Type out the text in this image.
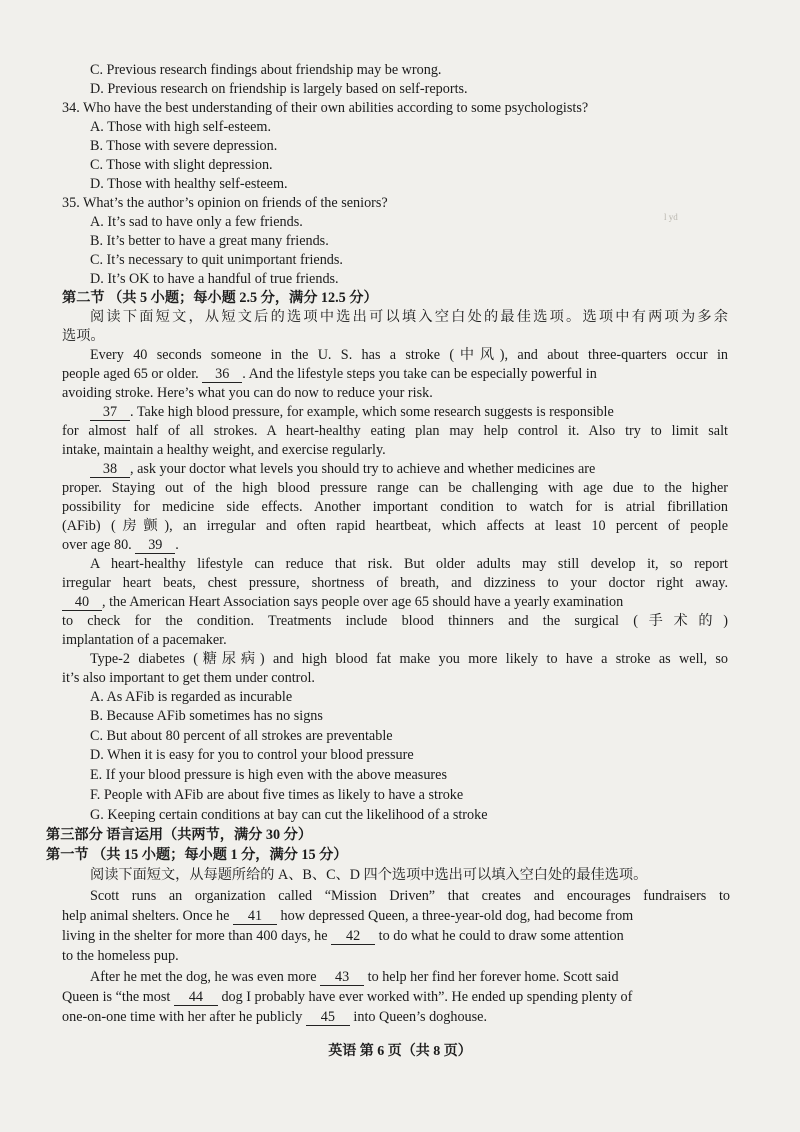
C. Previous research findings about friendship may be wrong.
D. Previous research on friendship is largely based on self-reports.
34. Who have the best understanding of their own abilities according to some psychologists?
A. Those with high self-esteem.
B. Those with severe depression.
C. Those with slight depression.
D. Those with healthy self-esteem.
35. What’s the author’s opinion on friends of the seniors?
A. It’s sad to have only a few friends.
B. It’s better to have a great many friends.
C. It’s necessary to quit unimportant friends.
D. It’s OK to have a handful of true friends.
l yd
第二节 （共 5 小题；每小题 2.5 分，满分 12.5 分）
阅读下面短文，从短文后的选项中选出可以填入空白处的最佳选项。选项中有两项为多余
选项。
Every 40 seconds someone in the U. S. has a stroke (中风), and about three-quarters occur in
people aged 65 or older. 36 . And the lifestyle steps you take can be especially powerful in
avoiding stroke. Here’s what you can do now to reduce your risk.
37 . Take high blood pressure, for example, which some research suggests is responsible
for almost half of all strokes. A heart-healthy eating plan may help control it. Also try to limit salt
intake, maintain a healthy weight, and exercise regularly.
38 , ask your doctor what levels you should try to achieve and whether medicines are
proper. Staying out of the high blood pressure range can be challenging with age due to the higher
possibility for medicine side effects. Another important condition to watch for is atrial fibrillation
(AFib) (房颤), an irregular and often rapid heartbeat, which affects at least 10 percent of people
over age 80. 39 .
A heart-healthy lifestyle can reduce that risk. But older adults may still develop it, so report
irregular heart beats, chest pressure, shortness of breath, and dizziness to your doctor right away.
40 , the American Heart Association says people over age 65 should have a yearly examination
to check for the condition. Treatments include blood thinners and the surgical (手术的)
implantation of a pacemaker.
Type-2 diabetes (糖尿病) and high blood fat make you more likely to have a stroke as well, so
it’s also important to get them under control.
A. As AFib is regarded as incurable
B. Because AFib sometimes has no signs
C. But about 80 percent of all strokes are preventable
D. When it is easy for you to control your blood pressure
E. If your blood pressure is high even with the above measures
F. People with AFib are about five times as likely to have a stroke
G. Keeping certain conditions at bay can cut the likelihood of a stroke
第三部分 语言运用（共两节，满分 30 分）
第一节 （共 15 小题；每小题 1 分，满分 15 分）
阅读下面短文，从每题所给的 A、B、C、D 四个选项中选出可以填入空白处的最佳选项。
Scott runs an organization called “Mission Driven” that creates and encourages fundraisers to
help animal shelters. Once he 41 how depressed Queen, a three-year-old dog, had become from
living in the shelter for more than 400 days, he 42 to do what he could to draw some attention
to the homeless pup.
After he met the dog, he was even more 43 to help her find her forever home. Scott said
Queen is “the most 44 dog I probably have ever worked with”. He ended up spending plenty of
one-on-one time with her after he publicly 45 into Queen’s doghouse.
英语 第 6 页（共 8 页）
